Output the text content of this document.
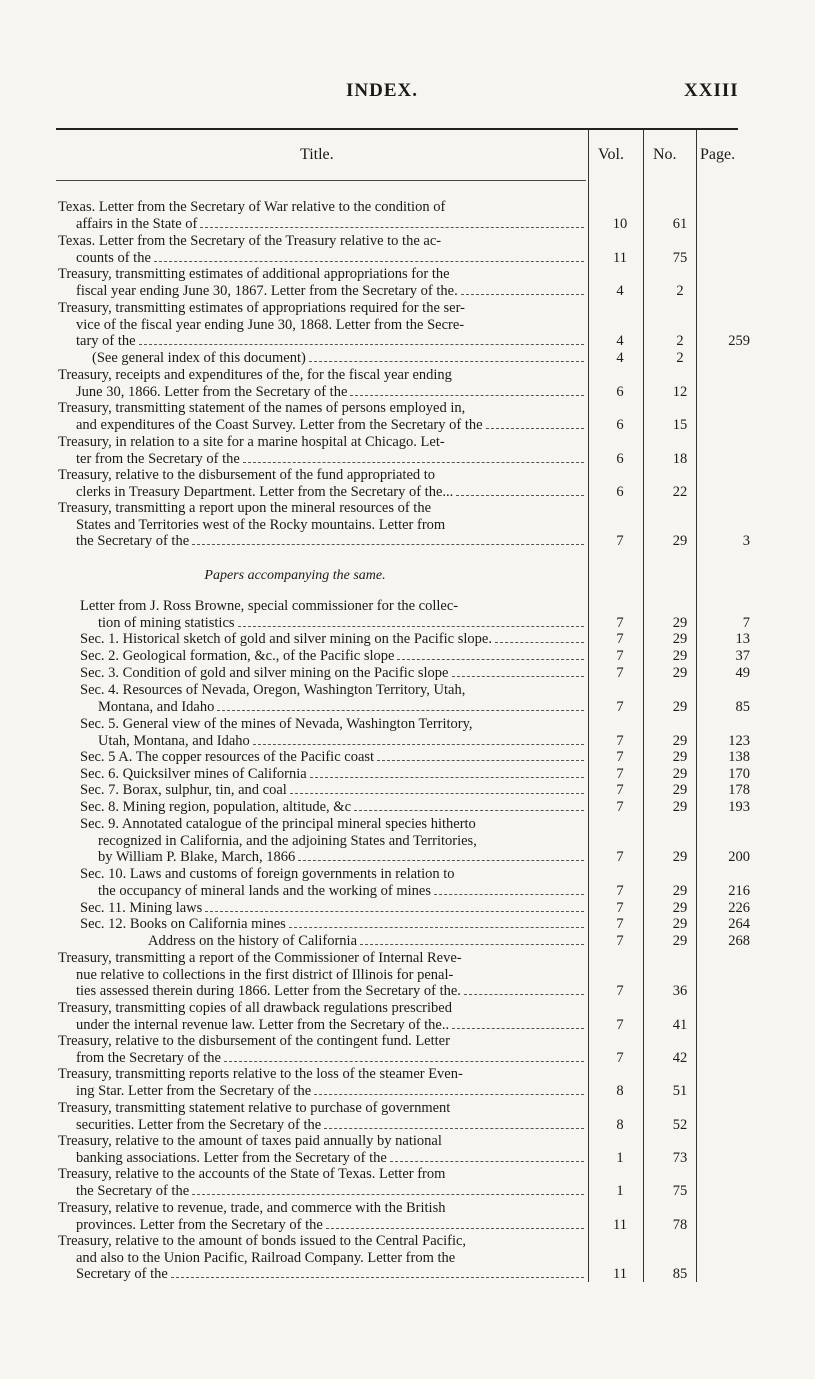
INDEX.	XXIII
Title.	Vol. No. Page.
Papers accompanying the same.
Texas. Letter from the Secretary of War relative to the condition of
affairs in the State of	10	61
Texas. Letter from the Secretary of the Treasury relative to the ac-
counts of the	11	75
Treasury, transmitting estimates of additional appropriations for the
fiscal year ending June 30, 1867. Letter from the Secretary of the.	4	2
Treasury, transmitting estimates of appropriations required for the ser-
vice of the fiscal year ending June 30, 1868. Letter from the Secre-
tary of the	4	2	259
(See general index of this document)	4	2
Treasury, receipts and expenditures of the, for the fiscal year ending
June 30, 1866. Letter from the Secretary of the	6	12
Treasury, transmitting statement of the names of persons employed in,
and expenditures of the Coast Survey. Letter from the Secretary of the	6	15
Treasury, in relation to a site for a marine hospital at Chicago. Let-
ter from the Secretary of the	6	18
Treasury, relative to the disbursement of the fund appropriated to
clerks in Treasury Department. Letter from the Secretary of the...	6	22
Treasury, transmitting a report upon the mineral resources of the
States and Territories west of the Rocky mountains. Letter from
the Secretary of the	7	29	3
Letter from J. Ross Browne, special commissioner for the collec-
tion of mining statistics	7	29	7
Sec. 1. Historical sketch of gold and silver mining on the Pacific slope.	7	29	13
Sec. 2. Geological formation, &c., of the Pacific slope	7	29	37
Sec. 3. Condition of gold and silver mining on the Pacific slope	7	29	49
Sec. 4. Resources of Nevada, Oregon, Washington Territory, Utah,
Montana, and Idaho	7	29	85
Sec. 5. General view of the mines of Nevada, Washington Territory,
Utah, Montana, and Idaho	7	29	123
Sec. 5 A. The copper resources of the Pacific coast	7	29	138
Sec. 6. Quicksilver mines of California	7	29	170
Sec. 7. Borax, sulphur, tin, and coal	7	29	178
Sec. 8. Mining region, population, altitude, &c	7	29	193
Sec. 9. Annotated catalogue of the principal mineral species hitherto
recognized in California, and the adjoining States and Territories,
by William P. Blake, March, 1866	7	29	200
Sec. 10. Laws and customs of foreign governments in relation to
the occupancy of mineral lands and the working of mines	7	29	216
Sec. 11. Mining laws	7	29	226
Sec. 12. Books on California mines	7	29	264
Address on the history of California	7	29	268
Treasury, transmitting a report of the Commissioner of Internal Reve-
nue relative to collections in the first district of Illinois for penal-
ties assessed therein during 1866. Letter from the Secretary of the.	7	36
Treasury, transmitting copies of all drawback regulations prescribed
under the internal revenue law. Letter from the Secretary of the..	7	41
Treasury, relative to the disbursement of the contingent fund. Letter
from the Secretary of the	7	42
Treasury, transmitting reports relative to the loss of the steamer Even-
ing Star. Letter from the Secretary of the	8	51
Treasury, transmitting statement relative to purchase of government
securities. Letter from the Secretary of the	8	52
Treasury, relative to the amount of taxes paid annually by national
banking associations. Letter from the Secretary of the	1	73
Treasury, relative to the accounts of the State of Texas. Letter from
the Secretary of the	1	75
Treasury, relative to revenue, trade, and commerce with the British
provinces. Letter from the Secretary of the	11	78
Treasury, relative to the amount of bonds issued to the Central Pacific,
and also to the Union Pacific, Railroad Company. Letter from the
Secretary of the	11	85
